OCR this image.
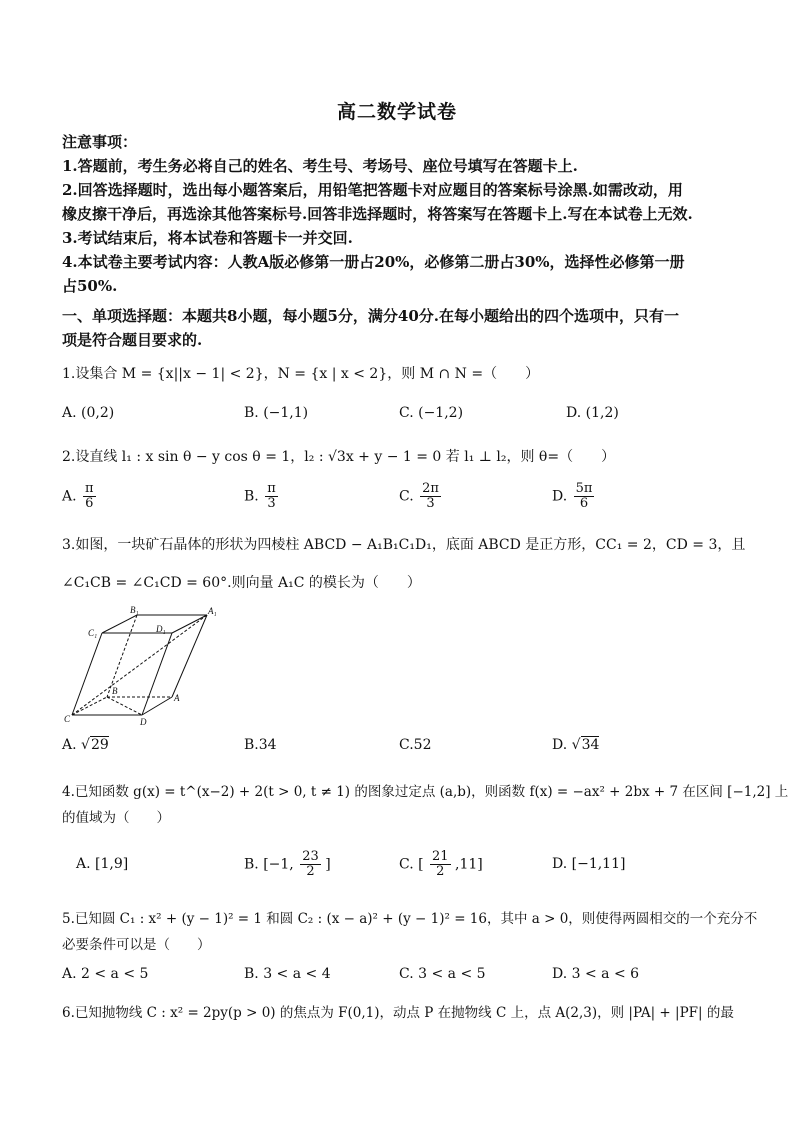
高二数学试卷
注意事项：
1.答题前，考生务必将自己的姓名、考生号、考场号、座位号填写在答题卡上.
2.回答选择题时，选出每小题答案后，用铅笔把答题卡对应题目的答案标号涂黑.如需改动，用
橡皮擦干净后，再选涂其他答案标号.回答非选择题时，将答案写在答题卡上.写在本试卷上无效.
3.考试结束后，将本试卷和答题卡一并交回.
4.本试卷主要考试内容：人教A版必修第一册占20%，必修第二册占30%，选择性必修第一册
占50%.
一、单项选择题：本题共8小题，每小题5分，满分40分.在每小题给出的四个选项中，只有一
项是符合题目要求的.
1.设集合 M = {x||x − 1| < 2}，N = {x | x < 2}，则 M ∩ N =（　　）
A. (0,2)	B. (−1,1)	C. (−1,2)	D. (1,2)
2.设直线 l₁ : x sin θ − y cos θ = 1，l₂ : √3x + y − 1 = 0 若 l₁ ⊥ l₂，则 θ=（　　）
A. $\frac{\pi}{6}$	B. $\frac{\pi}{3}$	C. $\frac{2\pi}{3}$	D. $\frac{5\pi}{6}$
3.如图，一块矿石晶体的形状为四棱柱 ABCD − A₁B₁C₁D₁，底面 ABCD 是正方形，CC₁ = 2，CD = 3，且
∠C₁CB = ∠C₁CD = 60°.则向量 A₁C 的模长为（　　）
B₁	A₁
C₁	D₁
B
A
C	D
A. √29	B.34	C.52	D. √34
4.已知函数 g(x) = t^(x−2) + 2(t > 0, t ≠ 1) 的图象过定点 (a,b)，则函数 f(x) = −ax² + 2bx + 7 在区间 [−1,2] 上
的值域为（　　）
A. [1,9]	B. [−1, $\frac{23}{2}$ ]	C. [ $\frac{21}{2} ,11$]	D. [−1,11]
5.已知圆 C₁ : x² + (y − 1)² = 1 和圆 C₂ : (x − a)² + (y − 1)² = 16，其中 a > 0，则使得两圆相交的一个充分不
必要条件可以是（　　）
A. 2 < a < 5	B. 3 < a < 4	C. 3 < a < 5	D. 3 < a < 6
6.已知抛物线 C : x² = 2py(p > 0) 的焦点为 F(0,1)，动点 P 在抛物线 C 上，点 A(2,3)，则 |PA| + |PF| 的最
